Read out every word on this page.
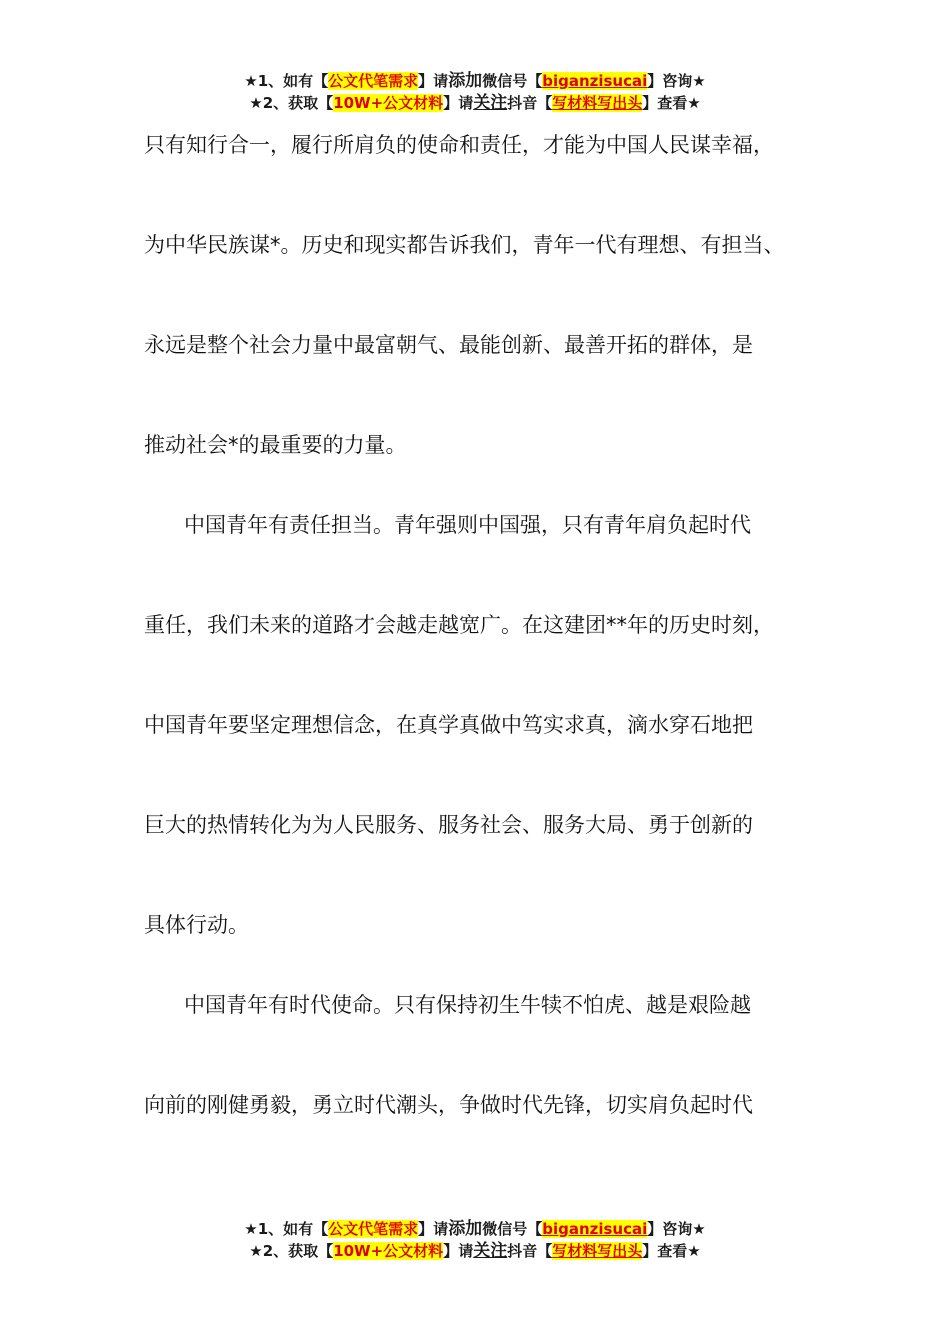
★1、如有【公文代笔需求】请添加微信号【biganzisucai】咨询★
★2、获取【10W+公文材料】请关注抖音【写材料写出头】查看★
只有知行合一，履行所肩负的使命和责任，才能为中国人民谋幸福，
为中华民族谋*。历史和现实都告诉我们，青年一代有理想、有担当、
永远是整个社会力量中最富朝气、最能创新、最善开拓的群体，是
推动社会*的最重要的力量。
中国青年有责任担当。青年强则中国强，只有青年肩负起时代
重任，我们未来的道路才会越走越宽广。在这建团**年的历史时刻，
中国青年要坚定理想信念，在真学真做中笃实求真，滴水穿石地把
巨大的热情转化为为人民服务、服务社会、服务大局、勇于创新的
具体行动。
中国青年有时代使命。只有保持初生牛犊不怕虎、越是艰险越
向前的刚健勇毅，勇立时代潮头，争做时代先锋，切实肩负起时代
★1、如有【公文代笔需求】请添加微信号【biganzisucai】咨询★
★2、获取【10W+公文材料】请关注抖音【写材料写出头】查看★
